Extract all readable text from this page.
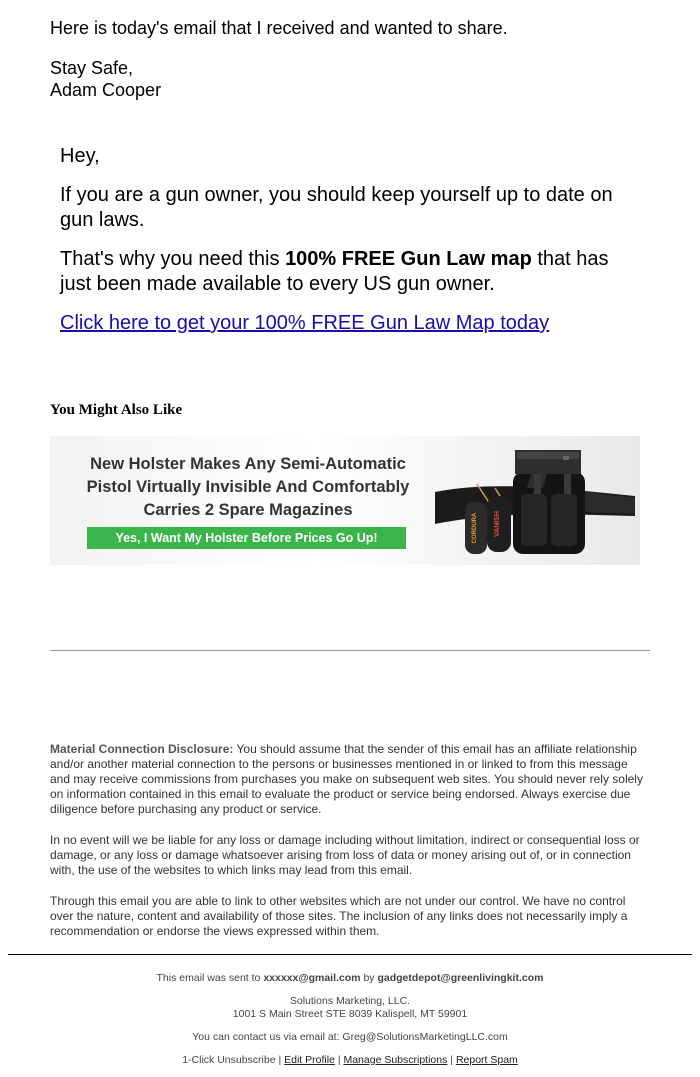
Here is today's email that I received and wanted to share.

Stay Safe,

Adam Cooper

Hey,

If you are a gun owner, you should keep yourself up to date on gun laws.

That's why you need this 100% FREE Gun Law map that has just been made available to every US gun owner.

Click here to get your 100% FREE Gun Law Map today

You Might Also Like
New Holster Makes Any Semi-Automatic
Pistol Virtually Invisible And Comfortably
Carries 2 Spare Magazines
Yes, I Want My Holster Before Prices Go Up!	CORDURA VANISH

Material Connection Disclosure: You should assume that the sender of this email has an affiliate relationship and/or another material connection to the persons or businesses mentioned in or linked to from this message and may receive commissions from purchases you make on subsequent web sites. You should never rely solely on information contained in this email to evaluate the product or service being endorsed. Always exercise due diligence before purchasing any product or service.

In no event will we be liable for any loss or damage including without limitation, indirect or consequential loss or damage, or any loss or damage whatsoever arising from loss of data or money arising out of, or in connection with, the use of the websites to which links may lead from this email.

Through this email you are able to link to other websites which are not under our control. We have no control over the nature, content and availability of those sites. The inclusion of any links does not necessarily imply a recommendation or endorse the views expressed within them.

This email was sent to xxxxxx@gmail.com by gadgetdepot@greenlivingkit.com

Solutions Marketing, LLC.
1001 S Main Street STE 8039 Kalispell, MT 59901

You can contact us via email at: Greg@SolutionsMarketingLLC.com

1-Click Unsubscribe | Edit Profile | Manage Subscriptions | Report Spam
